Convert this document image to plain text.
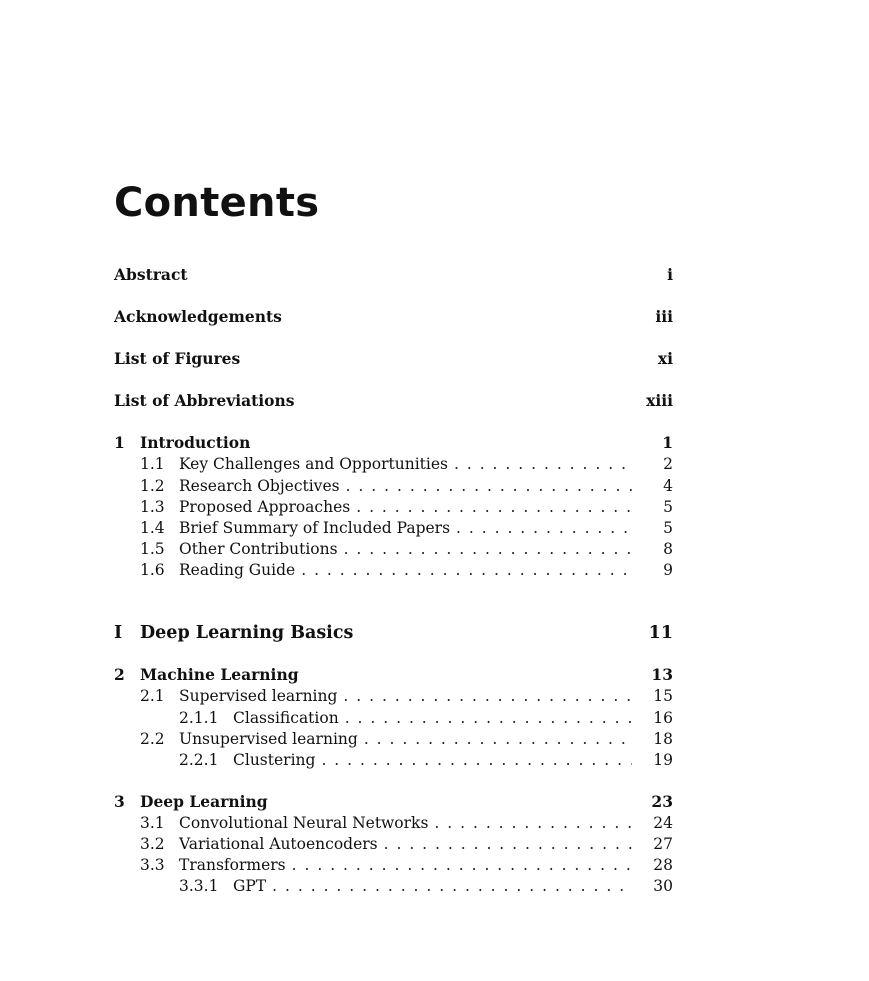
Contents
Abstract	i
Acknowledgements	iii
List of Figures	xi
List of Abbreviations	xiii
1 Introduction	1
1.1 Key Challenges and Opportunities . . .	2
1.2 Research Objectives . . .	4
1.3 Proposed Approaches . . .	5
1.4 Brief Summary of Included Papers . . .	5
1.5 Other Contributions . . .	8
1.6 Reading Guide . . .	9
I	Deep Learning Basics	11
2 Machine Learning	13
2.1 Supervised learning . . .	15
2.1.1 Classification . . .	16
2.2 Unsupervised learning . . .	18
2.2.1 Clustering . . .	19
3 Deep Learning	23
3.1 Convolutional Neural Networks . . .	24
3.2 Variational Autoencoders . . .	27
3.3 Transformers . . .	28
3.3.1 GPT . . .	30
